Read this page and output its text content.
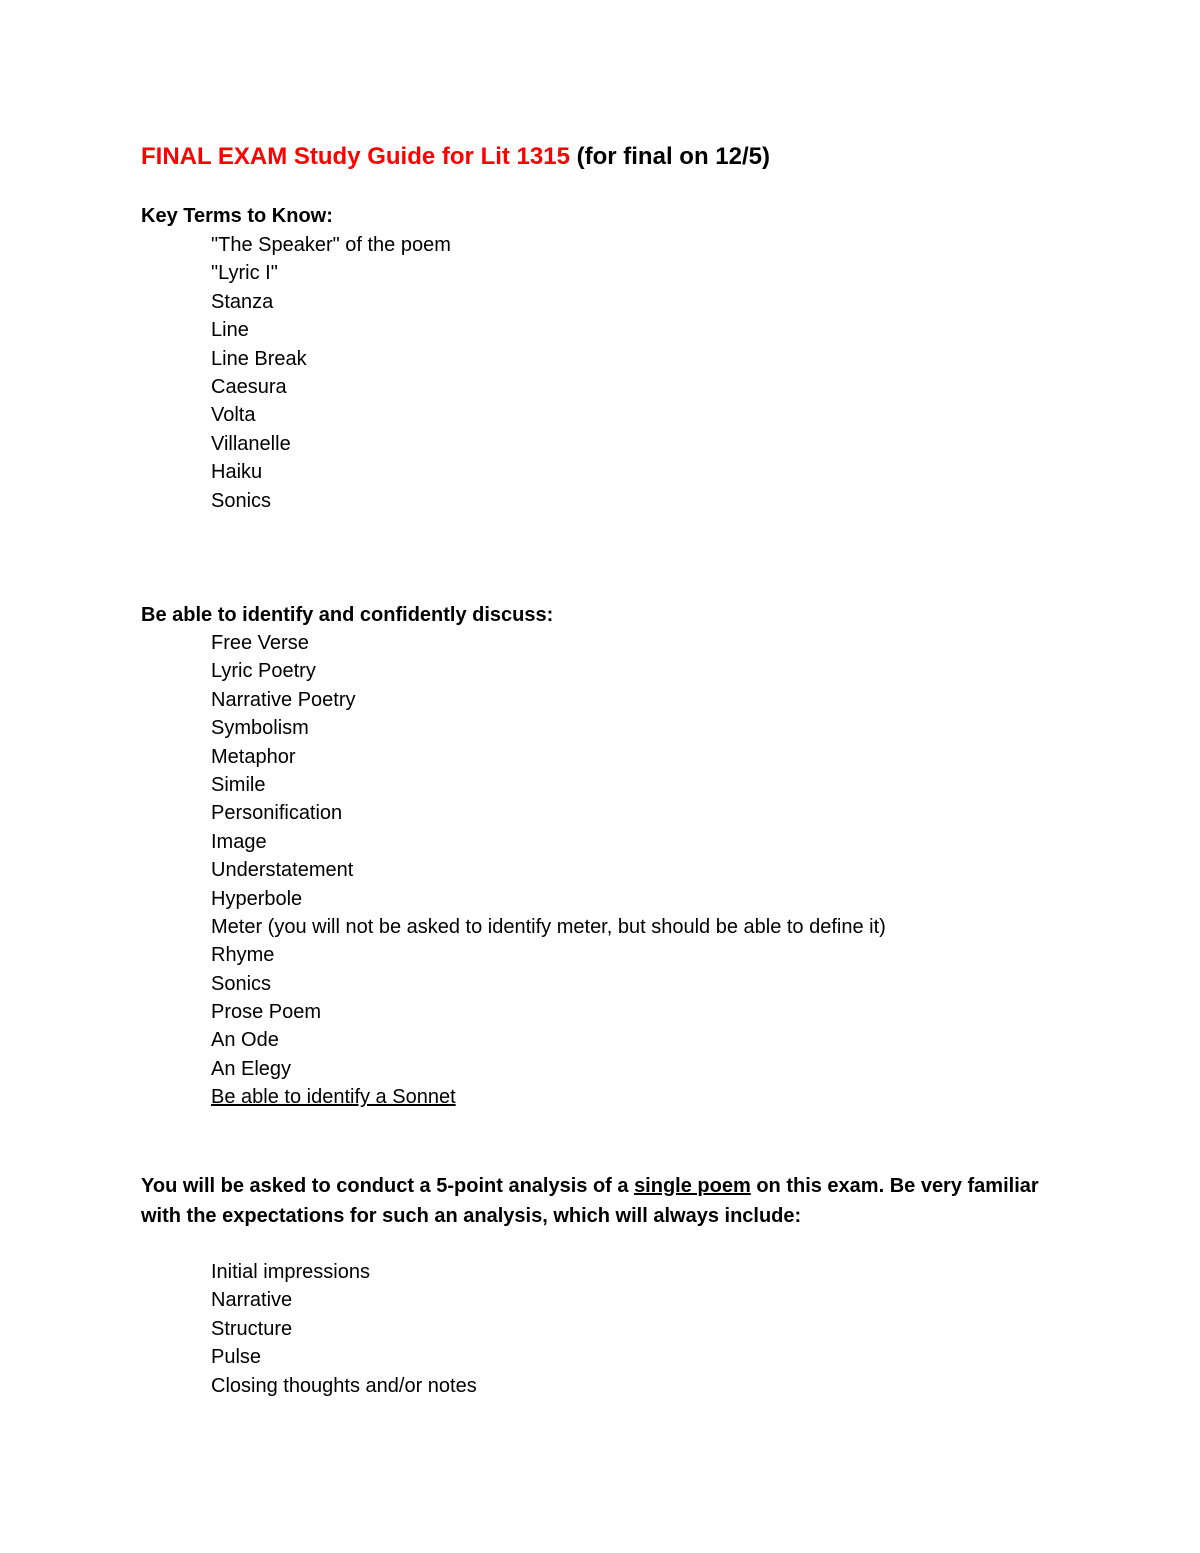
FINAL EXAM Study Guide for Lit 1315 (for final on 12/5)
Key Terms to Know:
"The Speaker" of the poem
"Lyric I"
Stanza
Line
Line Break
Caesura
Volta
Villanelle
Haiku
Sonics
Be able to identify and confidently discuss:
Free Verse
Lyric Poetry
Narrative Poetry
Symbolism
Metaphor
Simile
Personification
Image
Understatement
Hyperbole
Meter (you will not be asked to identify meter, but should be able to define it)
Rhyme
Sonics
Prose Poem
An Ode
An Elegy
Be able to identify a Sonnet
You will be asked to conduct a 5-point analysis of a single poem on this exam. Be very familiar with the expectations for such an analysis, which will always include:
Initial impressions
Narrative
Structure
Pulse
Closing thoughts and/or notes
